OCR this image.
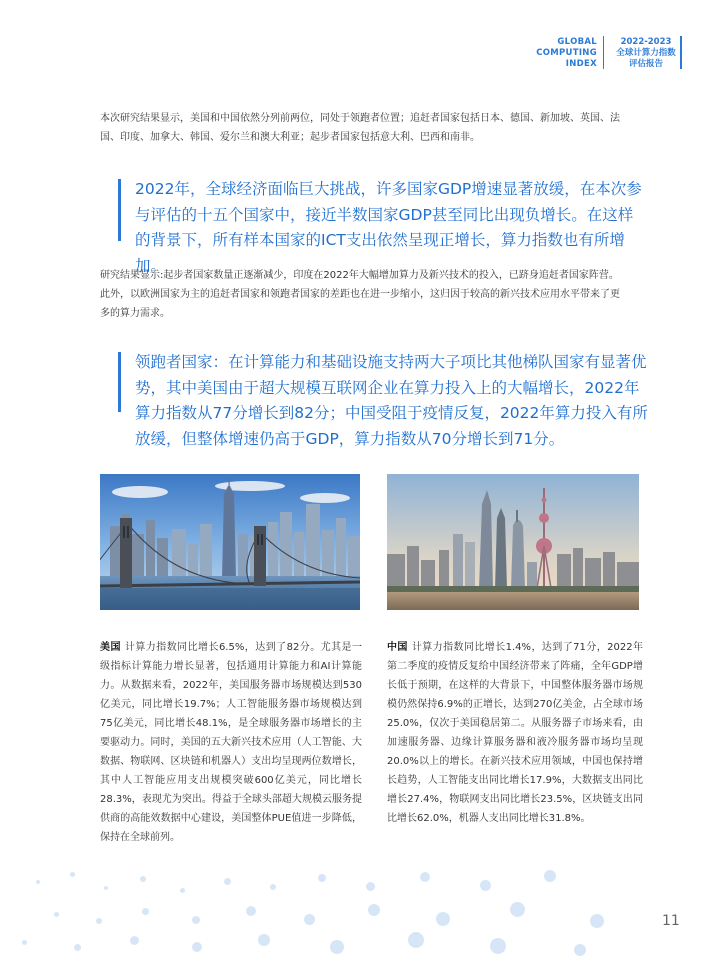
GLOBAL
COMPUTING
INDEX
2022-2023
全球计算力指数
评估报告

本次研究结果显示，美国和中国依然分列前两位，同处于领跑者位置；追赶者国家包括日本、德国、新加坡、英国、法国、印度、加拿大、韩国、爱尔兰和澳大利亚；起步者国家包括意大利、巴西和南非。

2022年，全球经济面临巨大挑战，许多国家GDP增速显著放缓，在本次参与评估的十五个国家中，接近半数国家GDP甚至同比出现负增长。在这样的背景下，所有样本国家的ICT支出依然呈现正增长，算力指数也有所增加。

研究结果显示:起步者国家数量正逐渐减少，印度在2022年大幅增加算力及新兴技术的投入，已跻身追赶者国家阵营。此外，以欧洲国家为主的追赶者国家和领跑者国家的差距也在进一步缩小，这归因于较高的新兴技术应用水平带来了更多的算力需求。

领跑者国家：在计算能力和基础设施支持两大子项比其他梯队国家有显著优势，其中美国由于超大规模互联网企业在算力投入上的大幅增长，2022年算力指数从77分增长到82分；中国受阻于疫情反复，2022年算力投入有所放缓，但整体增速仍高于GDP，算力指数从70分增长到71分。

美国 计算力指数同比增长6.5%，达到了82分。尤其是一级指标计算能力增长显著，包括通用计算能力和AI计算能力。从数据来看，2022年，美国服务器市场规模达到530亿美元，同比增长19.7%；人工智能服务器市场规模达到75亿美元，同比增长48.1%，是全球服务器市场增长的主要驱动力。同时，美国的五大新兴技术应用（人工智能、大数据、物联网、区块链和机器人）支出均呈现两位数增长，其中人工智能应用支出规模突破600亿美元，同比增长28.3%，表现尤为突出。得益于全球头部超大规模云服务提供商的高能效数据中心建设，美国整体PUE值进一步降低，保持在全球前列。

中国 计算力指数同比增长1.4%，达到了71分，2022年第二季度的疫情反复给中国经济带来了阵痛，全年GDP增长低于预期，在这样的大背景下，中国整体服务器市场规模仍然保持6.9%的正增长，达到270亿美金，占全球市场25.0%，仅次于美国稳居第二。从服务器子市场来看，由加速服务器、边缘计算服务器和液冷服务器市场均呈现20.0%以上的增长。在新兴技术应用领域，中国也保持增长趋势，人工智能支出同比增长17.9%，大数据支出同比增长27.4%，物联网支出同比增长23.5%，区块链支出同比增长62.0%，机器人支出同比增长31.8%。

11
